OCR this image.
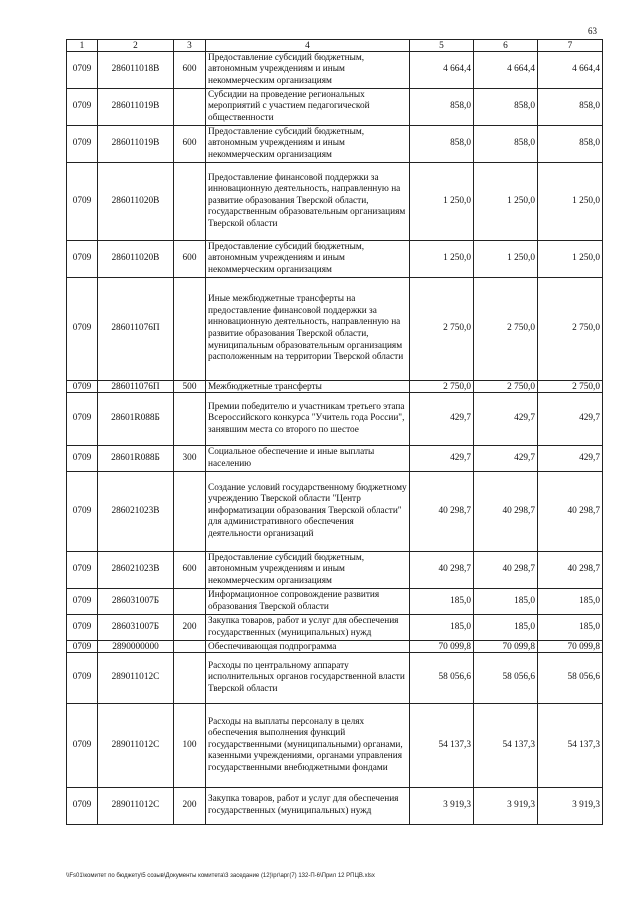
63
1	2	3	4	5	6	7
0709	286011018В	600	Предоставление субсидий бюджетным, автономным учреждениям и иным некоммерческим организациям	4 664,4	4 664,4	4 664,4
0709	286011019В		Субсидии на проведение региональных мероприятий с участием педагогической общественности	858,0	858,0	858,0
0709	286011019В	600	Предоставление субсидий бюджетным, автономным учреждениям и иным некоммерческим организациям	858,0	858,0	858,0
0709	286011020В		Предоставление финансовой поддержки за инновационную деятельность, направленную на развитие образования Тверской области, государственным образовательным организациям Тверской области	1 250,0	1 250,0	1 250,0
0709	286011020В	600	Предоставление субсидий бюджетным, автономным учреждениям и иным некоммерческим организациям	1 250,0	1 250,0	1 250,0
0709	286011076П		Иные межбюджетные трансферты на предоставление финансовой поддержки за инновационную деятельность, направленную на развитие образования Тверской области, муниципальным образовательным организациям расположенным на территории Тверской области	2 750,0	2 750,0	2 750,0
0709	286011076П	500	Межбюджетные трансферты	2 750,0	2 750,0	2 750,0
0709	28601R088Б		Премии победителю и участникам третьего этапа Всероссийского конкурса "Учитель года России", занявшим места со второго по шестое	429,7	429,7	429,7
0709	28601R088Б	300	Социальное обеспечение и иные выплаты населению	429,7	429,7	429,7
0709	286021023В		Создание условий государственному бюджетному учреждению Тверской области "Центр информатизации образования Тверской области" для административного обеспечения деятельности организаций	40 298,7	40 298,7	40 298,7
0709	286021023В	600	Предоставление субсидий бюджетным, автономным учреждениям и иным некоммерческим организациям	40 298,7	40 298,7	40 298,7
0709	286031007Б		Информационное сопровождение развития образования Тверской области	185,0	185,0	185,0
0709	286031007Б	200	Закупка товаров, работ и услуг для обеспечения государственных (муниципальных) нужд	185,0	185,0	185,0
0709	2890000000		Обеспечивающая подпрограмма	70 099,8	70 099,8	70 099,8
0709	289011012С		Расходы по центральному аппарату исполнительных органов государственной власти Тверской области	58 056,6	58 056,6	58 056,6
0709	289011012С	100	Расходы на выплаты персоналу в целях обеспечения выполнения функций государственными (муниципальными) органами, казенными учреждениями, органами управления государственными внебюджетными фондами	54 137,3	54 137,3	54 137,3
0709	289011012С	200	Закупка товаров, работ и услуг для обеспечения государственных (муниципальных) нужд	3 919,3	3 919,3	3 919,3
\\Fs01\комитет по бюджету\5 созыв\Документы комитета\3 заседание (12)\рг\арг(7) 132-П-6\Прил 12 РПЦВ.xlsx
